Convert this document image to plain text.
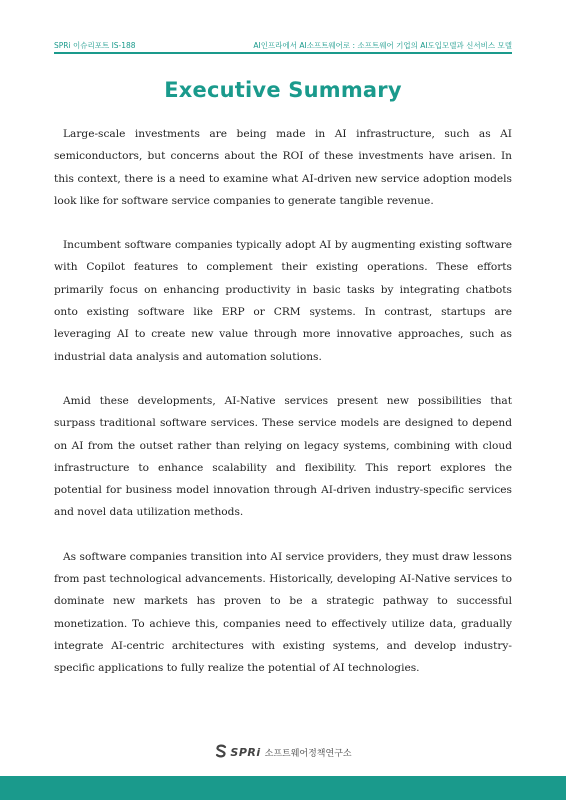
SPRi 이슈리포트 IS-188	AI인프라에서 AI소프트웨어로 : 소프트웨어 기업의 AI도입모델과 신서비스 모델
Executive Summary

Large-scale investments are being made in AI infrastructure, such as AI semiconductors, but concerns about the ROI of these investments have arisen. In this context, there is a need to examine what AI-driven new service adoption models look like for software service companies to generate tangible revenue.

Incumbent software companies typically adopt AI by augmenting existing software with Copilot features to complement their existing operations. These efforts primarily focus on enhancing productivity in basic tasks by integrating chatbots onto existing software like ERP or CRM systems. In contrast, startups are leveraging AI to create new value through more innovative approaches, such as industrial data analysis and automation solutions.

Amid these developments, AI-Native services present new possibilities that surpass traditional software services. These service models are designed to depend on AI from the outset rather than relying on legacy systems, combining with cloud infrastructure to enhance scalability and flexibility. This report explores the potential for business model innovation through AI-driven industry-specific services and novel data utilization methods.

As software companies transition into AI service providers, they must draw lessons from past technological advancements. Historically, developing AI-Native services to dominate new markets has proven to be a strategic pathway to successful monetization. To achieve this, companies need to effectively utilize data, gradually integrate AI-centric architectures with existing systems, and develop industry-specific applications to fully realize the potential of AI technologies.

SPRi 소프트웨어정책연구소
